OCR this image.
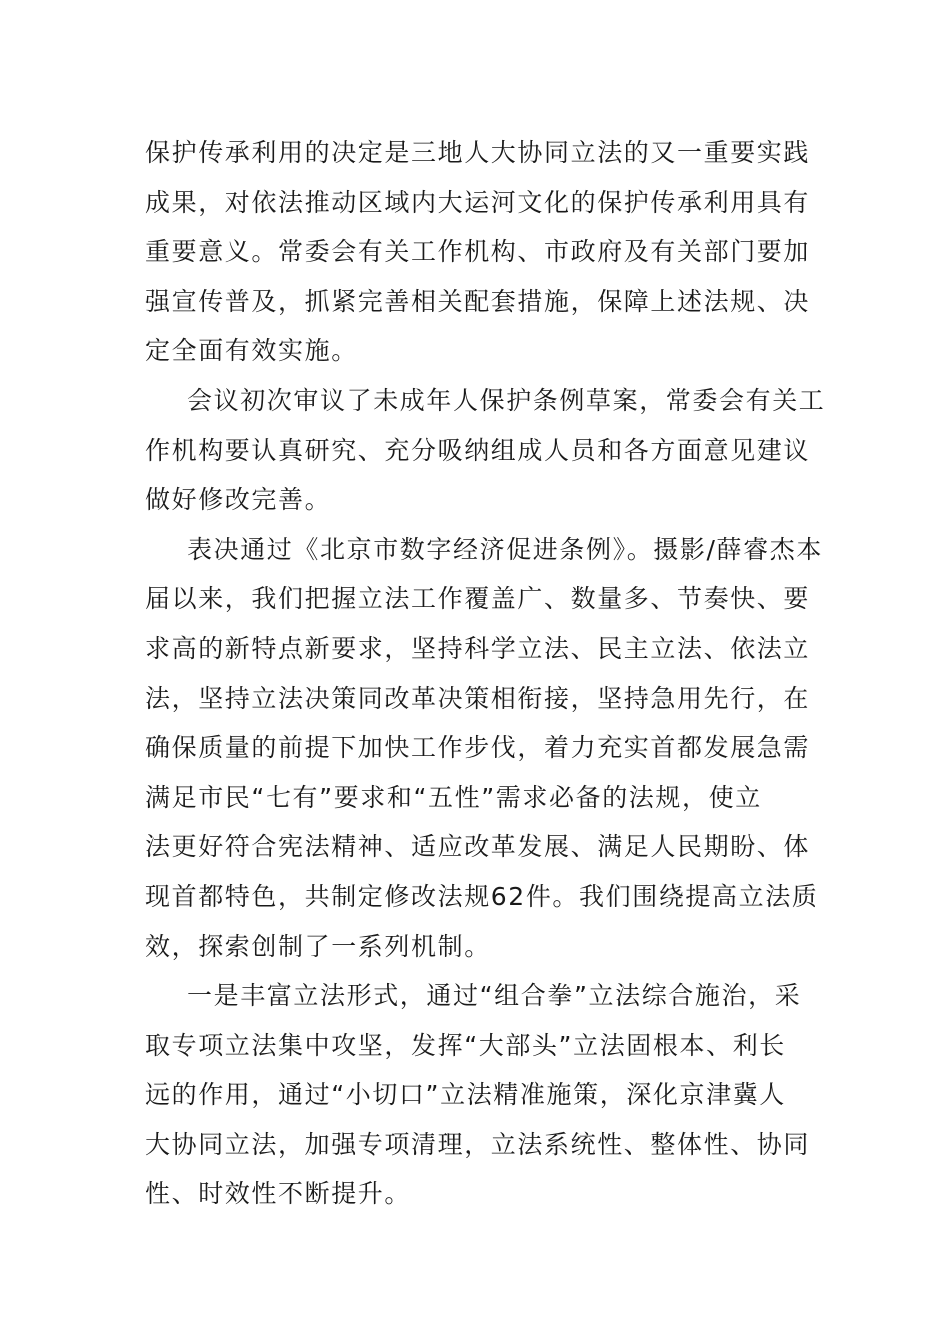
保护传承利用的决定是三地人大协同立法的又一重要实践
成果，对依法推动区域内大运河文化的保护传承利用具有
重要意义。常委会有关工作机构、市政府及有关部门要加
强宣传普及，抓紧完善相关配套措施，保障上述法规、决
定全面有效实施。
会议初次审议了未成年人保护条例草案，常委会有关工
作机构要认真研究、充分吸纳组成人员和各方面意见建议
做好修改完善。
表决通过《北京市数字经济促进条例》。摄影/薛睿杰本
届以来，我们把握立法工作覆盖广、数量多、节奏快、要
求高的新特点新要求，坚持科学立法、民主立法、依法立
法，坚持立法决策同改革决策相衔接，坚持急用先行，在
确保质量的前提下加快工作步伐，着力充实首都发展急需
满足市民“七有”要求和“五性”需求必备的法规，使立
法更好符合宪法精神、适应改革发展、满足人民期盼、体
现首都特色，共制定修改法规62件。我们围绕提高立法质
效，探索创制了一系列机制。
一是丰富立法形式，通过“组合拳”立法综合施治，采
取专项立法集中攻坚，发挥“大部头”立法固根本、利长
远的作用，通过“小切口”立法精准施策，深化京津冀人
大协同立法，加强专项清理，立法系统性、整体性、协同
性、时效性不断提升。
